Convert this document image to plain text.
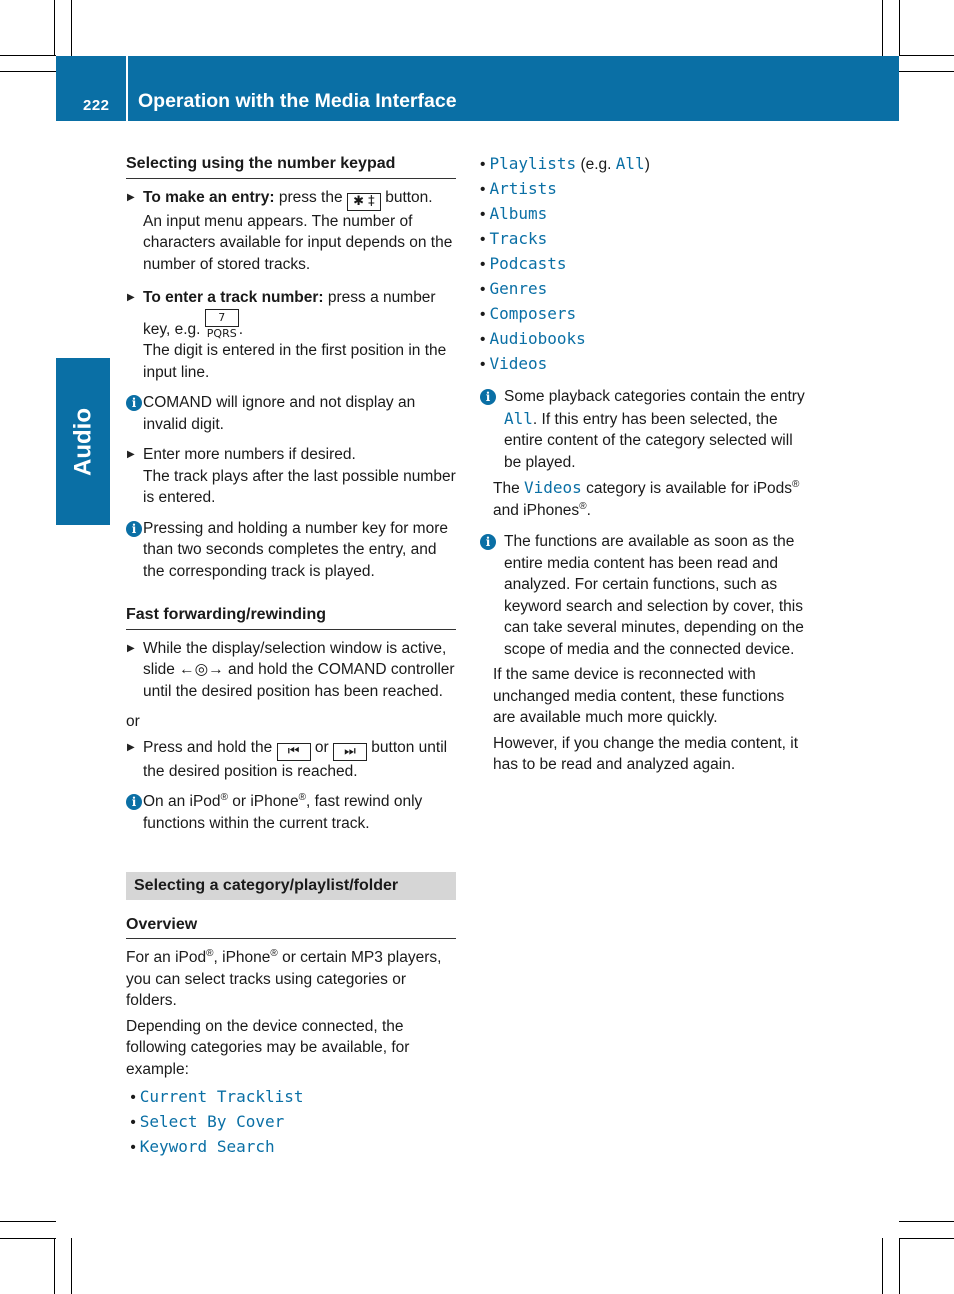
222 Operation with the Media Interface
Audio
Selecting using the number keypad
▶ To make an entry: press the ✱ ‡ button.
An input menu appears. The number of characters available for input depends on the number of stored tracks.
▶ To enter a track number: press a number key, e.g. 7 PQRS .
The digit is entered in the first position in the input line.
i COMAND will ignore and not display an invalid digit.
▶ Enter more numbers if desired.
The track plays after the last possible number is entered.
i Pressing and holding a number key for more than two seconds completes the entry, and the corresponding track is played.
Fast forwarding/rewinding
▶ While the display/selection window is active, slide ←◎→ and hold the COMAND controller until the desired position has been reached.
or
▶ Press and hold the ⏮ or ⏭ button until the desired position is reached.
i On an iPod® or iPhone®, fast rewind only functions within the current track.
Selecting a category/playlist/folder
Overview
For an iPod®, iPhone® or certain MP3 players, you can select tracks using categories or folders.
Depending on the device connected, the following categories may be available, for example:
• Current Tracklist
• Select By Cover
• Keyword Search
• Playlists (e.g. All)
• Artists
• Albums
• Tracks
• Podcasts
• Genres
• Composers
• Audiobooks
• Videos
i Some playback categories contain the entry All. If this entry has been selected, the entire content of the category selected will be played.
The Videos category is available for iPods® and iPhones®.
i The functions are available as soon as the entire media content has been read and analyzed. For certain functions, such as keyword search and selection by cover, this can take several minutes, depending on the scope of media and the connected device.
If the same device is reconnected with unchanged media content, these functions are available much more quickly.
However, if you change the media content, it has to be read and analyzed again.
